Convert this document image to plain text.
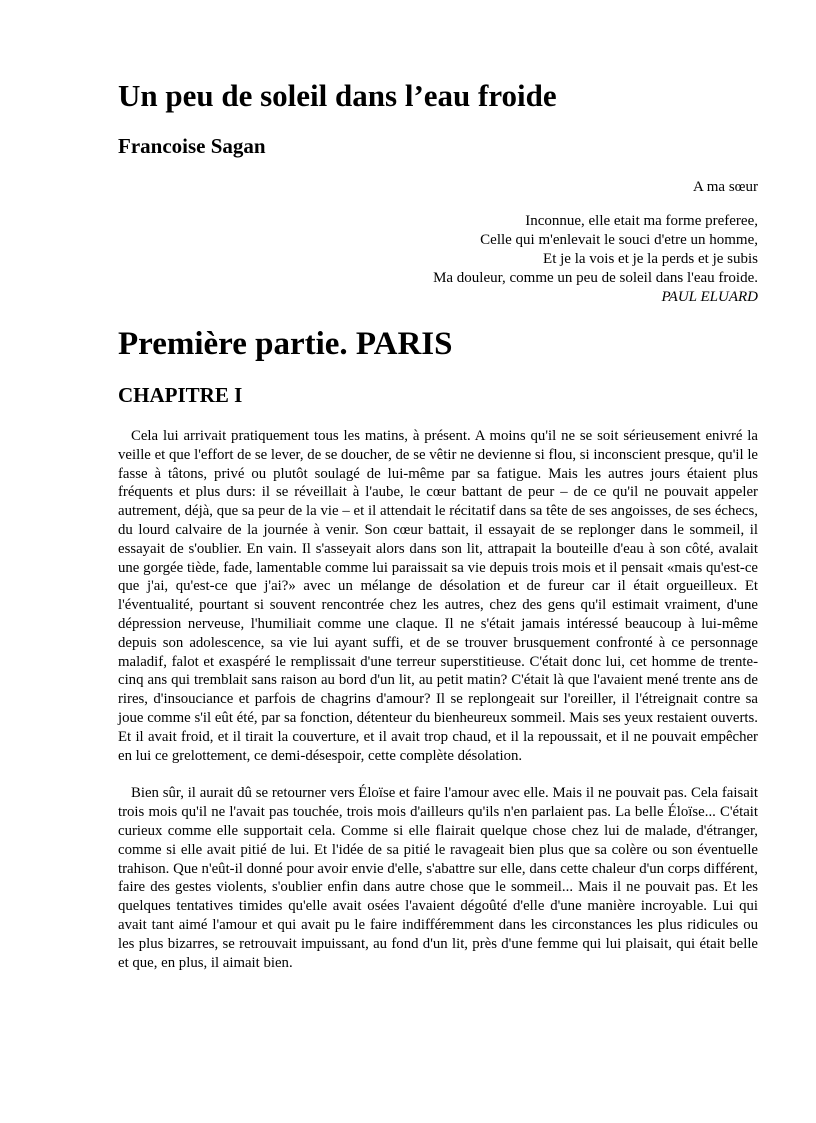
Un peu de soleil dans l’eau froide
Francoise Sagan

A ma sœur

Inconnue, elle etait ma forme preferee,
Celle qui m'enlevait le souci d'etre un homme,
Et je la vois et je la perds et je subis
Ma douleur, comme un peu de soleil dans l'eau froide.
PAUL ELUARD
Première partie. PARIS
CHAPITRE I

Cela lui arrivait pratiquement tous les matins, à présent. A moins qu'il ne se soit sérieusement enivré la veille et que l'effort de se lever, de se doucher, de se vêtir ne devienne si flou, si inconscient presque, qu'il le fasse à tâtons, privé ou plutôt soulagé de lui-même par sa fatigue. Mais les autres jours étaient plus fréquents et plus durs: il se réveillait à l'aube, le cœur battant de peur – de ce qu'il ne pouvait appeler autrement, déjà, que sa peur de la vie – et il attendait le récitatif dans sa tête de ses angoisses, de ses échecs, du lourd calvaire de la journée à venir. Son cœur battait, il essayait de se replonger dans le sommeil, il essayait de s'oublier. En vain. Il s'asseyait alors dans son lit, attrapait la bouteille d'eau à son côté, avalait une gorgée tiède, fade, lamentable comme lui paraissait sa vie depuis trois mois et il pensait «mais qu'est-ce que j'ai, qu'est-ce que j'ai?» avec un mélange de désolation et de fureur car il était orgueilleux. Et l'éventualité, pourtant si souvent rencontrée chez les autres, chez des gens qu'il estimait vraiment, d'une dépression nerveuse, l'humiliait comme une claque. Il ne s'était jamais intéressé beaucoup à lui-même depuis son adolescence, sa vie lui ayant suffi, et de se trouver brusquement confronté à ce personnage maladif, falot et exaspéré le remplissait d'une terreur superstitieuse. C'était donc lui, cet homme de trente-cinq ans qui tremblait sans raison au bord d'un lit, au petit matin? C'était là que l'avaient mené trente ans de rires, d'insouciance et parfois de chagrins d'amour? Il se replongeait sur l'oreiller, il l'étreignait contre sa joue comme s'il eût été, par sa fonction, détenteur du bienheureux sommeil. Mais ses yeux restaient ouverts. Et il avait froid, et il tirait la couverture, et il avait trop chaud, et il la repoussait, et il ne pouvait empêcher en lui ce grelottement, ce demi-désespoir, cette complète désolation.

Bien sûr, il aurait dû se retourner vers Éloïse et faire l'amour avec elle. Mais il ne pouvait pas. Cela faisait trois mois qu'il ne l'avait pas touchée, trois mois d'ailleurs qu'ils n'en parlaient pas. La belle Éloïse... C'était curieux comme elle supportait cela. Comme si elle flairait quelque chose chez lui de malade, d'étranger, comme si elle avait pitié de lui. Et l'idée de sa pitié le ravageait bien plus que sa colère ou son éventuelle trahison. Que n'eût-il donné pour avoir envie d'elle, s'abattre sur elle, dans cette chaleur d'un corps différent, faire des gestes violents, s'oublier enfin dans autre chose que le sommeil... Mais il ne pouvait pas. Et les quelques tentatives timides qu'elle avait osées l'avaient dégoûté d'elle d'une manière incroyable. Lui qui avait tant aimé l'amour et qui avait pu le faire indifféremment dans les circonstances les plus ridicules ou les plus bizarres, se retrouvait impuissant, au fond d'un lit, près d'une femme qui lui plaisait, qui était belle et que, en plus, il aimait bien.
